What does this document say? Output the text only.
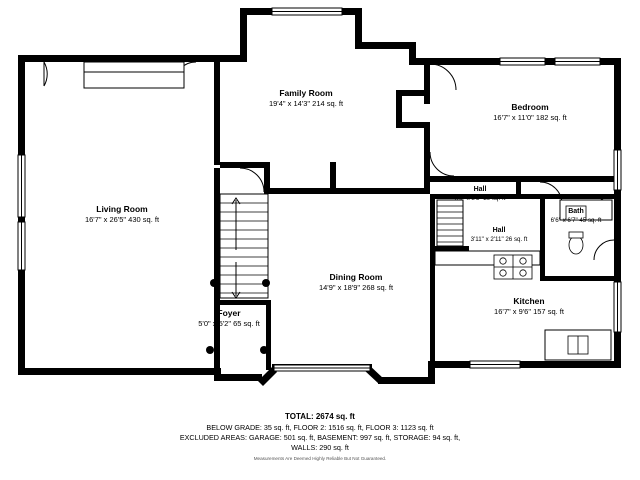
Family Room
19'4" x 14'3" 214 sq. ft	Bedroom
16'7" x 11'0" 182 sq. ft
Living Room
16'7" x 26'5" 430 sq. ft
Hall
8'9" x 3'3" 29 sq. ft
Bath
6'6" x 6'7" 45 sq. ft
Hall
3'11" x 2'11" 26 sq. ft
Dining Room
14'9" x 18'9" 268 sq. ft
Kitchen
16'7" x 9'6" 157 sq. ft
Foyer
5'0" x 5'2" 65 sq. ft
TOTAL: 2674 sq. ft
BELOW GRADE: 35 sq. ft, FLOOR 2: 1516 sq. ft, FLOOR 3: 1123 sq. ft
EXCLUDED AREAS: GARAGE: 501 sq. ft, BASEMENT: 997 sq. ft, STORAGE: 94 sq. ft,
WALLS: 290 sq. ft
Measurements Are Deemed Highly Reliable But Not Guaranteed.
